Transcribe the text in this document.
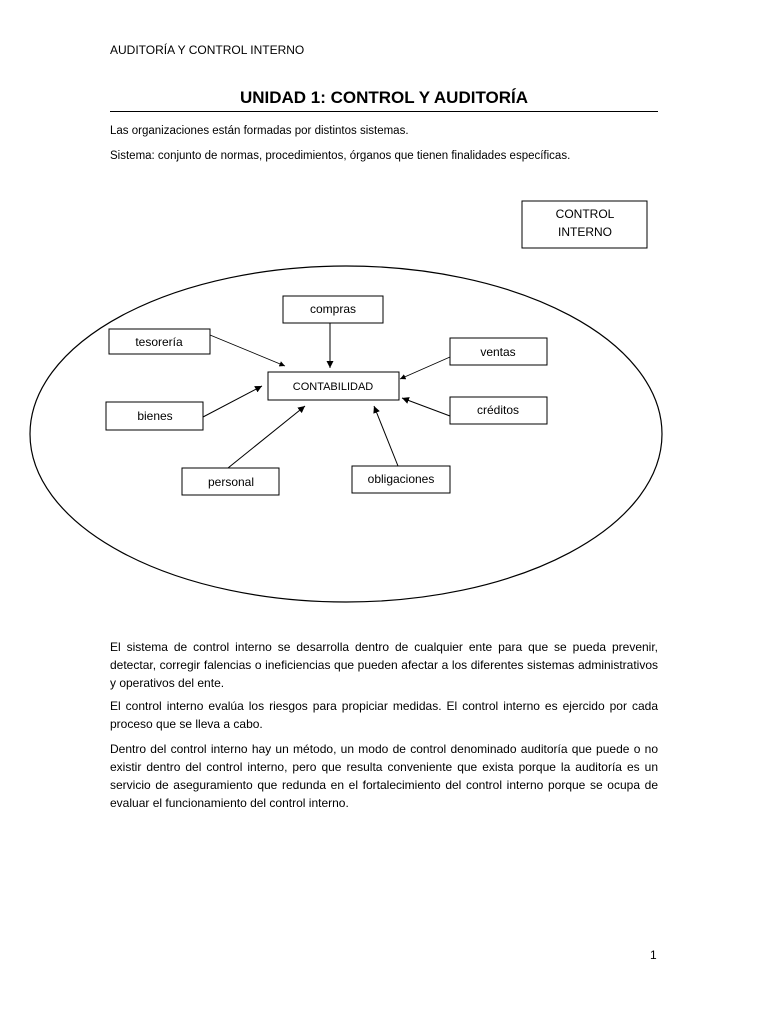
AUDITORÍA Y CONTROL INTERNO
UNIDAD 1: CONTROL Y AUDITORÍA

Las organizaciones están formadas por distintos sistemas.

Sistema: conjunto de normas, procedimientos, órganos que tienen finalidades específicas.

CONTROL
INTERNO
CONTABILIDAD
compras
tesorería
ventas
bienes	créditos
personal	obligaciones

El sistema de control interno se desarrolla dentro de cualquier ente para que se pueda prevenir, detectar, corregir falencias o ineficiencias que pueden afectar a los diferentes sistemas administrativos y operativos del ente.

El control interno evalúa los riesgos para propiciar medidas. El control interno es ejercido por cada proceso que se lleva a cabo.

Dentro del control interno hay un método, un modo de control denominado auditoría que puede o no existir dentro del control interno, pero que resulta conveniente que exista porque la auditoría es un servicio de aseguramiento que redunda en el fortalecimiento del control interno porque se ocupa de evaluar el funcionamiento del control interno.

1
